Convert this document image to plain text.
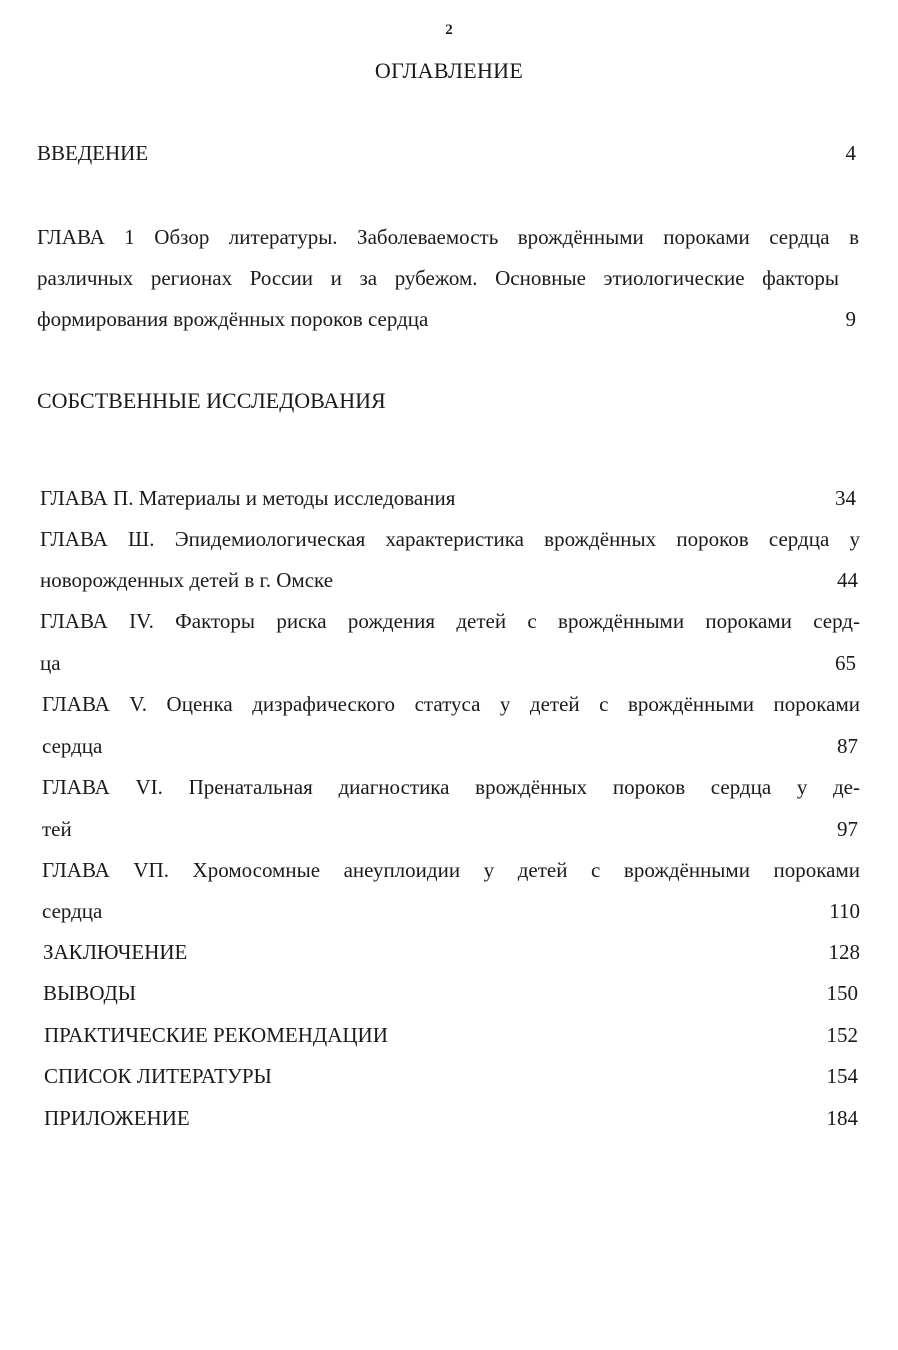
2
ОГЛАВЛЕНИЕ
ВВЕДЕНИЕ	4
ГЛАВА 1 Обзор литературы. Заболеваемость врождёнными пороками сердца в
различных регионах России и за рубежом. Основные этиологические факторы
формирования врождённых пороков сердца	9
СОБСТВЕННЫЕ ИССЛЕДОВАНИЯ
ГЛАВА П. Материалы и методы исследования	34
ГЛАВА Ш. Эпидемиологическая характеристика врождённых пороков сердца у
новорожденных детей в г. Омске	44
ГЛАВА IV. Факторы риска рождения детей с врождёнными пороками серд-
ца	65
ГЛАВА V. Оценка дизрафического статуса у детей с врождёнными пороками
сердца	87
ГЛАВА VI. Пренатальная диагностика врождённых пороков сердца у де-
тей	97
ГЛАВА VП. Хромосомные анеуплоидии у детей с врождёнными пороками
сердца	110
ЗАКЛЮЧЕНИЕ	128
ВЫВОДЫ	150
ПРАКТИЧЕСКИЕ РЕКОМЕНДАЦИИ	152
СПИСОК ЛИТЕРАТУРЫ	154
ПРИЛОЖЕНИЕ	184
